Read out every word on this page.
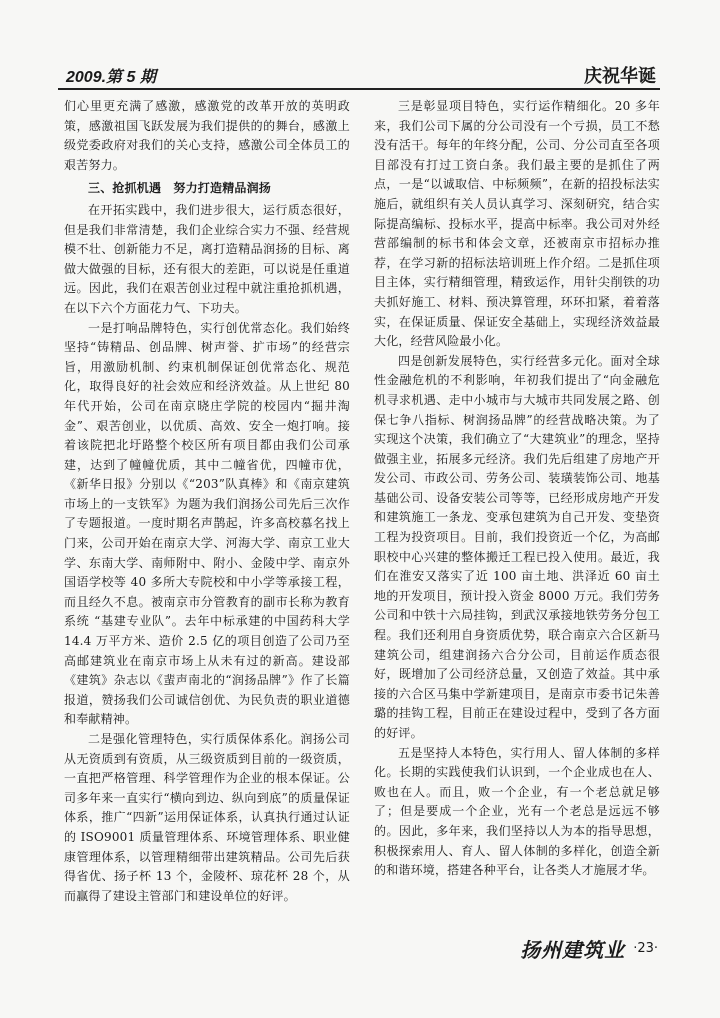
2009.第 5 期	庆祝华诞

们心里更充满了感激，感激党的改革开放的英明政策，感激祖国飞跃发展为我们提供的的舞台，感激上级党委政府对我们的关心支持，感激公司全体员工的艰苦努力。

三、抢抓机遇　努力打造精品润扬

在开拓实践中，我们进步很大，运行质态很好，但是我们非常清楚，我们企业综合实力不强、经营规模不壮、创新能力不足，离打造精品润扬的目标、离做大做强的目标，还有很大的差距，可以说是任重道远。因此，我们在艰苦创业过程中就注重抢抓机遇，在以下六个方面花力气、下功夫。

一是打响品牌特色，实行创优常态化。我们始终坚持“铸精品、创品牌、树声誉、扩市场”的经营宗旨，用激励机制、约束机制保证创优常态化、规范化，取得良好的社会效应和经济效益。从上世纪 80 年代开始，公司在南京晓庄学院的校园内“掘井淘金”、艰苦创业，以优质、高效、安全一炮打响。接着该院把北圩路整个校区所有项目都由我们公司承建，达到了幢幢优质，其中二幢省优，四幢市优，《新华日报》分别以《“203”队真棒》和《南京建筑市场上的一支铁军》为题为我们润扬公司先后三次作了专题报道。一度时期名声鹊起，许多高校慕名找上门来，公司开始在南京大学、河海大学、南京工业大学、东南大学、南师附中、附小、金陵中学、南京外国语学校等 40 多所大专院校和中小学等承接工程，而且经久不息。被南京市分管教育的副市长称为教育系统 “基建专业队”。去年中标承建的中国药科大学 14.4 万平方米、造价 2.5 亿的项目创造了公司乃至高邮建筑业在南京市场上从未有过的新高。建设部《建筑》杂志以《蜚声南北的“润扬品牌”》作了长篇报道，赞扬我们公司诚信创优、为民负责的职业道德和奉献精神。

二是强化管理特色，实行质保体系化。润扬公司从无资质到有资质，从三级资质到目前的一级资质，一直把严格管理、科学管理作为企业的根本保证。公司多年来一直实行“横向到边、纵向到底”的质量保证体系，推广“四新”运用保证体系，认真执行通过认证的 ISO9001 质量管理体系、环境管理体系、职业健康管理体系，以管理精细带出建筑精品。公司先后获得省优、扬子杯 13 个，金陵杯、琼花杯 28 个，从而赢得了建设主管部门和建设单位的好评。

三是彰显项目特色，实行运作精细化。20 多年来，我们公司下属的分公司没有一个亏损，员工不愁没有活干。每年的年终分配，公司、分公司直至各项目部没有打过工资白条。我们最主要的是抓住了两点，一是“以诚取信、中标频频”，在新的招投标法实施后，就组织有关人员认真学习、深刻研究，结合实际提高编标、投标水平，提高中标率。我公司对外经营部编制的标书和体会文章，还被南京市招标办推荐，在学习新的招标法培训班上作介绍。二是抓住项目主体，实行精细管理，精致运作，用针尖削铁的功夫抓好施工、材料、预决算管理，环环扣紧，着着落实，在保证质量、保证安全基础上，实现经济效益最大化，经营风险最小化。

四是创新发展特色，实行经营多元化。面对全球性金融危机的不利影响，年初我们提出了“向金融危机寻求机遇、走中小城市与大城市共同发展之路、创保七争八指标、树润扬品牌”的经营战略决策。为了实现这个决策，我们确立了“大建筑业”的理念，坚持做强主业，拓展多元经济。我们先后组建了房地产开发公司、市政公司、劳务公司、装璜装饰公司、地基基础公司、设备安装公司等等，已经形成房地产开发和建筑施工一条龙、变承包建筑为自己开发、变垫资工程为投资项目。目前，我们投资近一个亿，为高邮职校中心兴建的整体搬迁工程已投入使用。最近，我们在淮安又落实了近 100 亩土地、洪泽近 60 亩土地的开发项目，预计投入资金 8000 万元。我们劳务公司和中铁十六局挂钩，到武汉承接地铁劳务分包工程。我们还利用自身资质优势，联合南京六合区新马建筑公司，组建润扬六合分公司，目前运作质态很好，既增加了公司经济总量，又创造了效益。其中承接的六合区马集中学新建项目，是南京市委书记朱善璐的挂钩工程，目前正在建设过程中，受到了各方面的好评。

五是坚持人本特色，实行用人、留人体制的多样化。长期的实践使我们认识到，一个企业成也在人、败也在人。而且，败一个企业，有一个老总就足够了；但是要成一个企业，光有一个老总是远远不够的。因此，多年来，我们坚持以人为本的指导思想，积极探索用人、育人、留人体制的多样化，创造全新的和谐环境，搭建各种平台，让各类人才施展才华。

扬州建筑业 ·23·
